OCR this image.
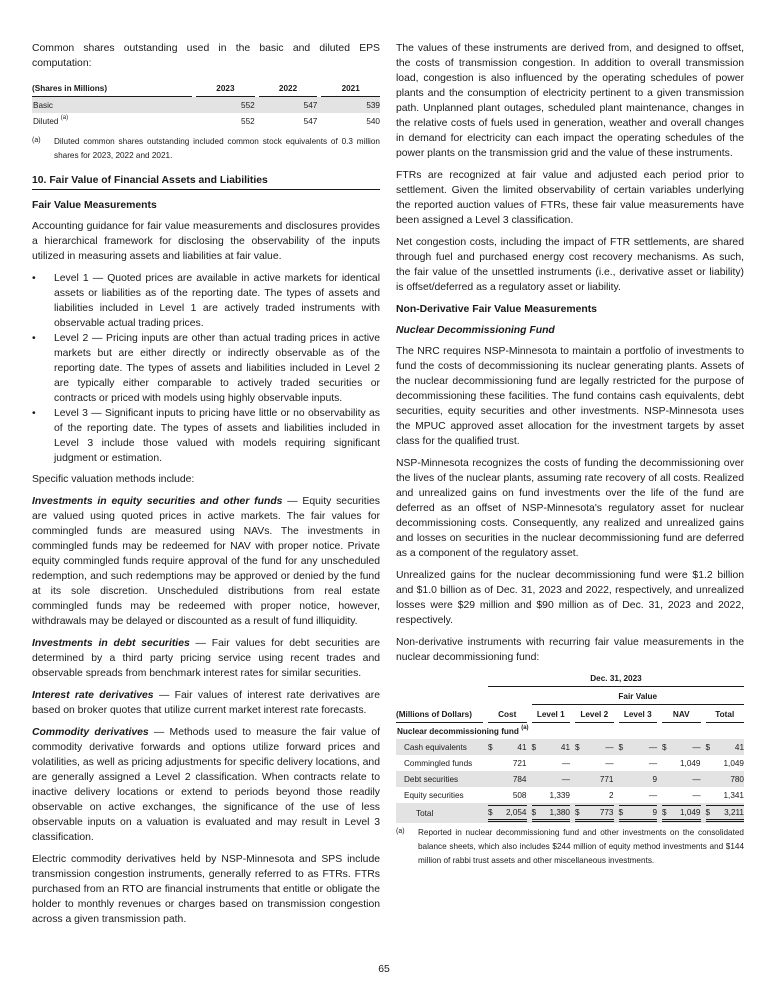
Common shares outstanding used in the basic and diluted EPS computation:

(Shares in Millions)	2023	2022	2021

Basic	552	547	539
Diluted $^{(a)}$	552	547	540
(a)	Diluted common shares outstanding included common stock equivalents of 0.3 million shares for 2023, 2022 and 2021.
10. Fair Value of Financial Assets and Liabilities
Fair Value Measurements

Accounting guidance for fair value measurements and disclosures provides a hierarchical framework for disclosing the observability of the inputs utilized in measuring assets and liabilities at fair value.

• Level 1 — Quoted prices are available in active markets for identical assets or liabilities as of the reporting date. The types of assets and liabilities included in Level 1 are actively traded instruments with observable actual trading prices.
• Level 2 — Pricing inputs are other than actual trading prices in active markets but are either directly or indirectly observable as of the reporting date. The types of assets and liabilities included in Level 2 are typically either comparable to actively traded securities or contracts or priced with models using highly observable inputs.
• Level 3 — Significant inputs to pricing have little or no observability as of the reporting date. The types of assets and liabilities included in Level 3 include those valued with models requiring significant judgment or estimation.

Specific valuation methods include:

Investments in equity securities and other funds — Equity securities are valued using quoted prices in active markets. The fair values for commingled funds are measured using NAVs. The investments in commingled funds may be redeemed for NAV with proper notice. Private equity commingled funds require approval of the fund for any unscheduled redemption, and such redemptions may be approved or denied by the fund at its sole discretion. Unscheduled distributions from real estate commingled funds may be redeemed with proper notice, however, withdrawals may be delayed or discounted as a result of fund illiquidity.

Investments in debt securities — Fair values for debt securities are determined by a third party pricing service using recent trades and observable spreads from benchmark interest rates for similar securities.

Interest rate derivatives — Fair values of interest rate derivatives are based on broker quotes that utilize current market interest rate forecasts.

Commodity derivatives — Methods used to measure the fair value of commodity derivative forwards and options utilize forward prices and volatilities, as well as pricing adjustments for specific delivery locations, and are generally assigned a Level 2 classification. When contracts relate to inactive delivery locations or extend to periods beyond those readily observable on active exchanges, the significance of the use of less observable inputs on a valuation is evaluated and may result in Level 3 classification.

Electric commodity derivatives held by NSP-Minnesota and SPS include transmission congestion instruments, generally referred to as FTRs. FTRs purchased from an RTO are financial instruments that entitle or obligate the holder to monthly revenues or charges based on transmission congestion across a given transmission path.

The values of these instruments are derived from, and designed to offset, the costs of transmission congestion. In addition to overall transmission load, congestion is also influenced by the operating schedules of power plants and the consumption of electricity pertinent to a given transmission path. Unplanned plant outages, scheduled plant maintenance, changes in the relative costs of fuels used in generation, weather and overall changes in demand for electricity can each impact the operating schedules of the power plants on the transmission grid and the value of these instruments.

FTRs are recognized at fair value and adjusted each period prior to settlement. Given the limited observability of certain variables underlying the reported auction values of FTRs, these fair value measurements have been assigned a Level 3 classification.

Net congestion costs, including the impact of FTR settlements, are shared through fuel and purchased energy cost recovery mechanisms. As such, the fair value of the unsettled instruments (i.e., derivative asset or liability) is offset/deferred as a regulatory asset or liability.

Non-Derivative Fair Value Measurements
Nuclear Decommissioning Fund

The NRC requires NSP-Minnesota to maintain a portfolio of investments to fund the costs of decommissioning its nuclear generating plants. Assets of the nuclear decommissioning fund are legally restricted for the purpose of decommissioning these facilities. The fund contains cash equivalents, debt securities, equity securities and other investments. NSP-Minnesota uses the MPUC approved asset allocation for the investment targets by asset class for the qualified trust.

NSP-Minnesota recognizes the costs of funding the decommissioning over the lives of the nuclear plants, assuming rate recovery of all costs. Realized and unrealized gains on fund investments over the life of the fund are deferred as an offset of NSP-Minnesota's regulatory asset for nuclear decommissioning costs. Consequently, any realized and unrealized gains and losses on securities in the nuclear decommissioning fund are deferred as a component of the regulatory asset.

Unrealized gains for the nuclear decommissioning fund were $1.2 billion and $1.0 billion as of Dec. 31, 2023 and 2022, respectively, and unrealized losses were $29 million and $90 million as of Dec. 31, 2023 and 2022, respectively.

Non-derivative instruments with recurring fair value measurements in the nuclear decommissioning fund:

	Dec. 31, 2023					

		Fair Value				

(Millions of Dollars)	Cost	Level 1	Level 2	Level 3	NAV	Total

Nuclear decommissioning fund $^{(a)}$
Cash equivalents	$ 41	$ 41	$ —	$ —	$ —	$ 41

Commingled funds	721	—	—	—	1,049	1,049
Debt securities	784	—	771	9	—	780
Equity securities	508	1,339	2	—	—	1,341
Total	$ 2,054	$ 1,380	$ 773	$ 9	$ 1,049	$ 3,211
(a)	Reported in nuclear decommissioning fund and other investments on the consolidated balance sheets, which also includes $244 million of equity method investments and $144 million of rabbi trust assets and other miscellaneous investments.
65
